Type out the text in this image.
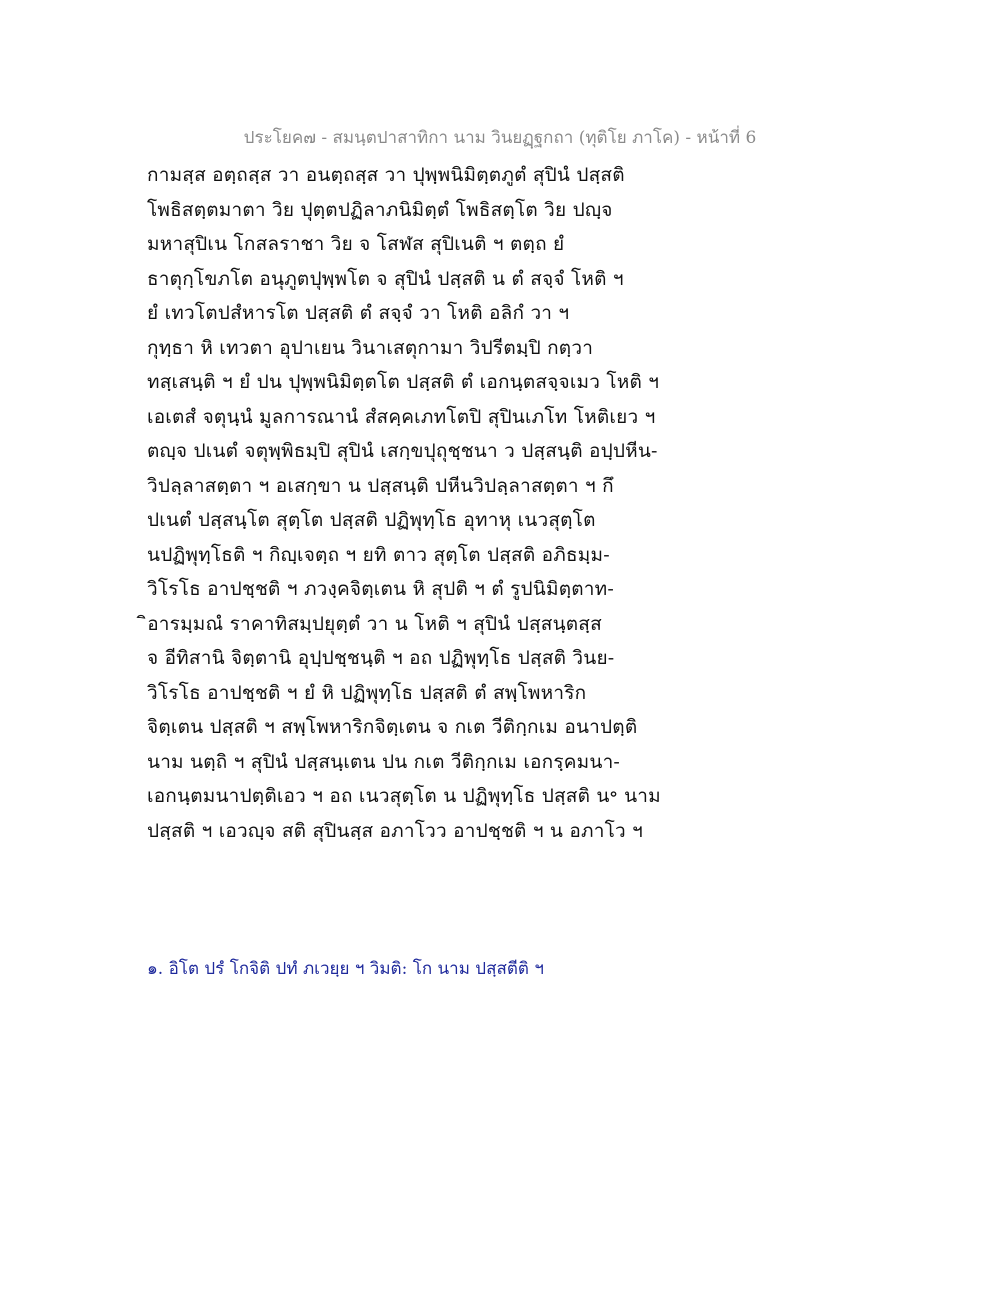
ประโยค๗ - สมนฺตปาสาทิกา นาม วินยฏฺฐกถา (ทุติโย ภาโค) - หน้าที่ 6
กามสฺส อตฺถสฺส วา อนตฺถสฺส วา ปุพฺพนิมิตฺตภูตํ สุปินํ ปสฺสติ
โพธิสตฺตมาตา วิย ปุตฺตปฏิลาภนิมิตฺตํ โพธิสตฺโต วิย ปญฺจ
มหาสุปิเน โกสลราชา วิย จ โสฬส สุปิเนติ ฯ ตตฺถ ยํ
ธาตุกฺโขภโต อนุภูตปุพฺพโต จ สุปินํ ปสฺสติ น ตํ สจฺจํ โหติ ฯ
ยํ เทวโตปสํหารโต ปสฺสติ ตํ สจฺจํ วา โหติ อลิกํ วา ฯ
กุทฺธา หิ เทวตา อุปาเยน วินาเสตุกามา วิปรีตมฺปิ กตฺวา
ทสฺเสนฺติ ฯ ยํ ปน ปุพฺพนิมิตฺตโต ปสฺสติ ตํ เอกนฺตสจฺจเมว โหติ ฯ
เอเตสํ จตุนฺนํ มูลการณานํ สํสคฺคเภทโตปิ สุปินเภโท โหติเยว ฯ
ตญฺจ ปเนตํ จตุพฺพิธมฺปิ สุปินํ เสกฺขปุถุชฺชนา ว ปสฺสนฺติ อปฺปหีน-
วิปลฺลาสตฺตา ฯ อเสกฺขา น ปสฺสนฺติ ปหีนวิปลฺลาสตฺตา ฯ กึ
ปเนตํ ปสฺสนฺโต สุตฺโต ปสฺสติ ปฏิพุทฺโธ อุทาหุ เนวสุตฺโต
นปฏิพุทฺโธติ ฯ กิญฺเจตฺถ ฯ ยทิ ตาว สุตฺโต ปสฺสติ อภิธมฺม-
วิโรโธ อาปชฺชติ ฯ ภวงฺคจิตฺเตน หิ สุปติ ฯ ตํ รูปนิมิตฺตาท-
ิอารมฺมณํ ราคาทิสมฺปยุตฺตํ วา น โหติ ฯ สุปินํ ปสฺสนฺตสฺส
จ อีทิสานิ จิตฺตานิ อุปฺปชฺชนฺติ ฯ อถ ปฏิพุทฺโธ ปสฺสติ วินย-
วิโรโธ อาปชฺชติ ฯ ยํ หิ ปฏิพุทฺโธ ปสฺสติ ตํ สพฺโพหาริก
จิตฺเตน ปสฺสติ ฯ สพฺโพหาริกจิตฺเตน จ กเต วีติกฺกเม อนาปตฺติ
นาม นตฺถิ ฯ สุปินํ ปสฺสนฺเตน ปน กเต วีติกฺกเม เอกรฺคมนา-
เอกนฺตมนาปตฺติเอว ฯ อถ เนวสุตฺโต น ปฏิพุทฺโธ ปสฺสติ น॰ นาม
ปสฺสติ ฯ เอวญฺจ สติ สุปินสฺส อภาโวว อาปชฺชติ ฯ น อภาโว ฯ
๑. อิโต ปรํ โกจิติ ปทํ ภเวยฺย ฯ วิมติ: โก นาม ปสฺสตีติ ฯ
